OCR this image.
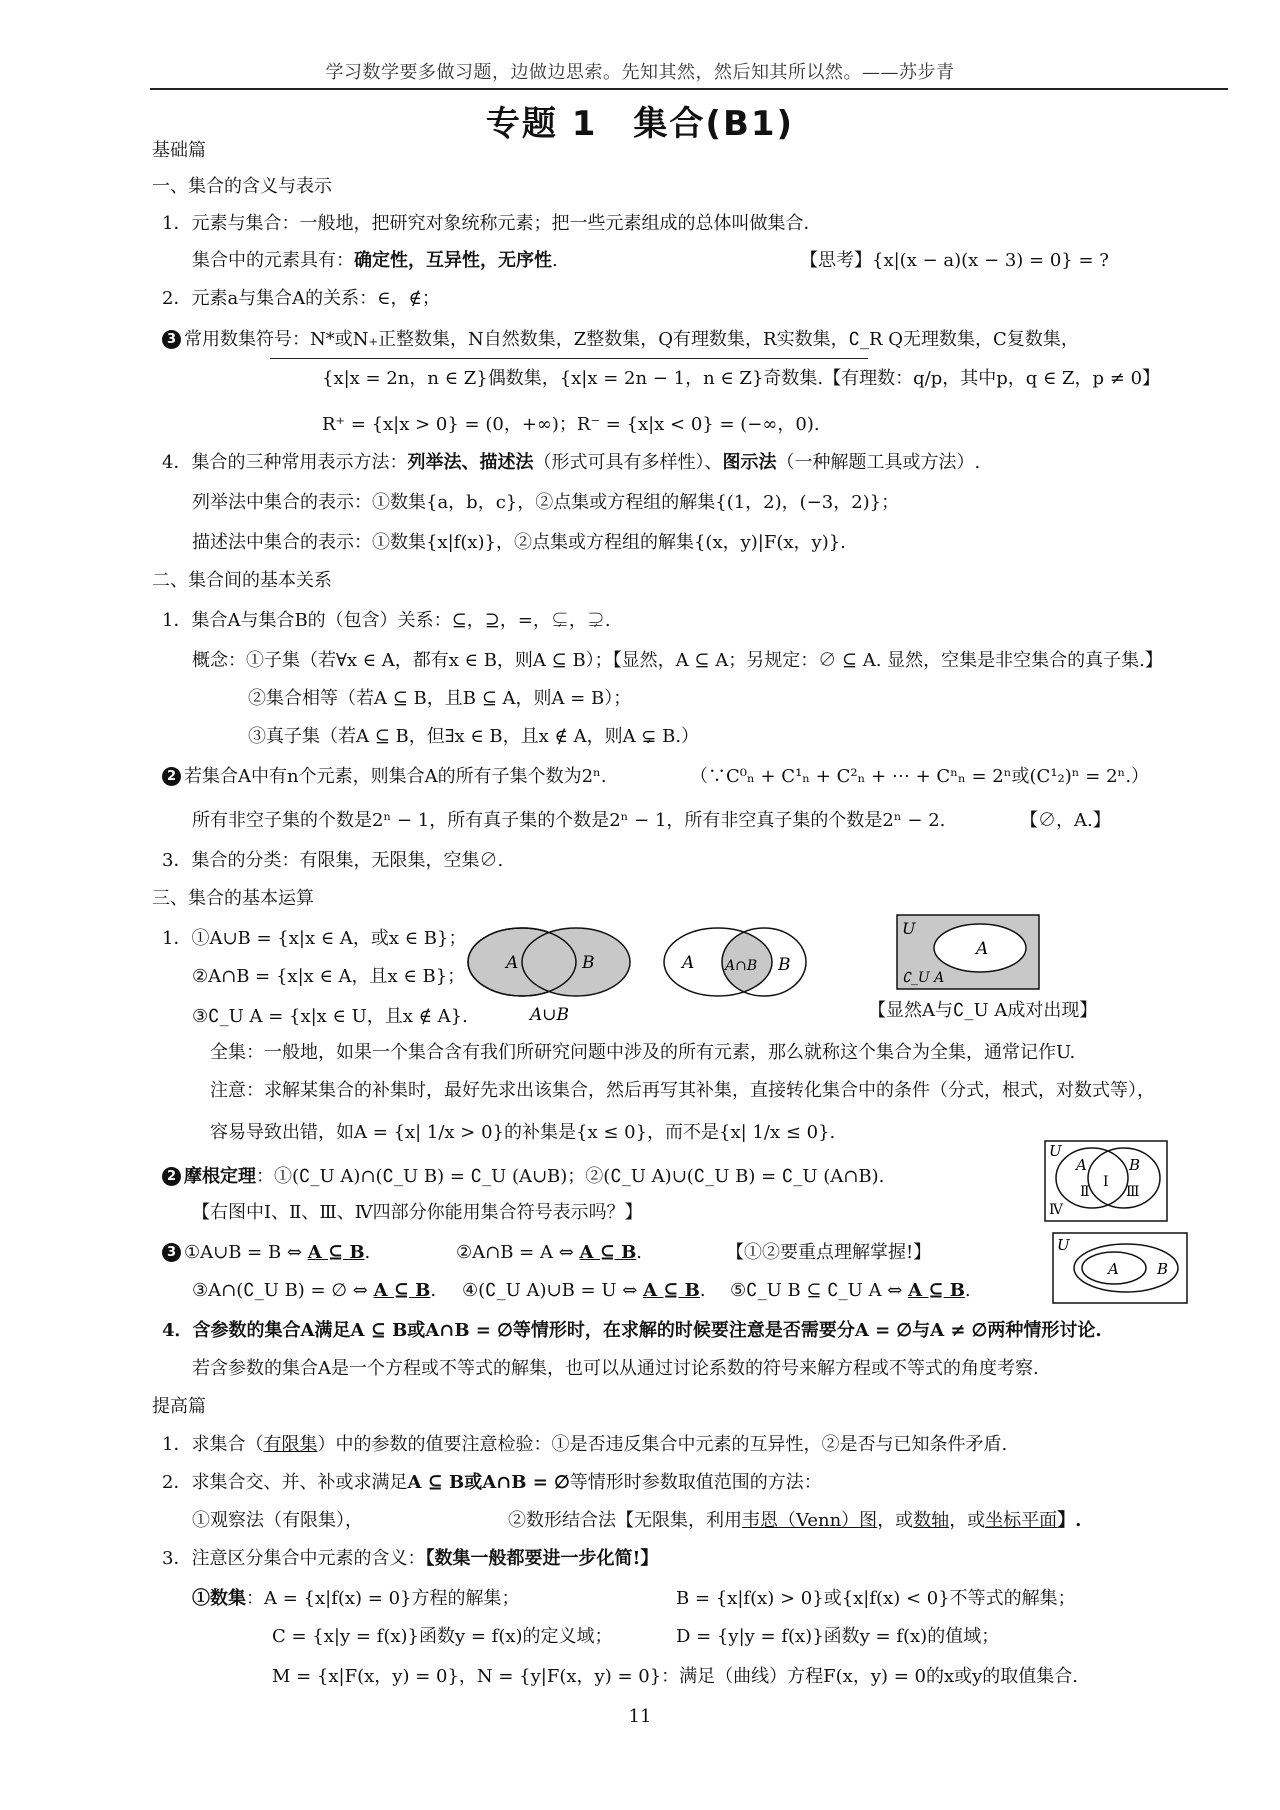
学习数学要多做习题，边做边思索。先知其然，然后知其所以然。——苏步青
专题 1　集合(B1)
基础篇
一、集合的含义与表示
1．元素与集合：一般地，把研究对象统称元素；把一些元素组成的总体叫做集合．
集合中的元素具有：确定性，互异性，无序性.	【思考】{x|(x − a)(x − 3) = 0} = ?
2．元素a与集合A的关系：∈，∉；
3 常用数集符号：N*或N₊正整数集，N自然数集，Z整数集，Q有理数集，R实数集，∁_R Q无理数集，C复数集，
{x|x = 2n，n ∈ Z}偶数集，{x|x = 2n − 1，n ∈ Z}奇数集.【有理数：q/p，其中p，q ∈ Z，p ≠ 0】
R⁺ = {x|x > 0} = (0，+∞)；R⁻ = {x|x < 0} = (−∞，0).
4．集合的三种常用表示方法：列举法、描述法（形式可具有多样性）、图示法（一种解题工具或方法）.
列举法中集合的表示：①数集{a，b，c}，②点集或方程组的解集{(1，2)，(−3，2)}；
描述法中集合的表示：①数集{x|f(x)}，②点集或方程组的解集{(x，y)|F(x，y)}.
二、集合间的基本关系
1．集合A与集合B的（包含）关系：⊆，⊇，=，⊊，⊋.
概念：①子集（若∀x ∈ A，都有x ∈ B，则A ⊆ B）；【显然，A ⊆ A；另规定：∅ ⊆ A. 显然，空集是非空集合的真子集.】
②集合相等（若A ⊆ B，且B ⊆ A，则A = B）；
③真子集（若A ⊆ B，但∃x ∈ B，且x ∉ A，则A ⊊ B.）
2 若集合A中有n个元素，则集合A的所有子集个数为2ⁿ.	（∵C⁰ₙ + C¹ₙ + C²ₙ + ⋯ + Cⁿₙ = 2ⁿ或(C¹₂)ⁿ = 2ⁿ.）
所有非空子集的个数是2ⁿ − 1，所有真子集的个数是2ⁿ − 1，所有非空真子集的个数是2ⁿ − 2.	【∅，A.】
3．集合的分类：有限集，无限集，空集∅.
三、集合的基本运算
1．①A∪B = {x|x ∈ A，或x ∈ B}；
②A∩B = {x|x ∈ A，且x ∈ B}；
③∁_U A = {x|x ∈ U，且x ∉ A}.
A	B
A∪B
A A∩B B
U
A
∁_U A
【显然A与∁_U A成对出现】
全集：一般地，如果一个集合含有我们所研究问题中涉及的所有元素，那么就称这个集合为全集，通常记作U.
注意：求解某集合的补集时，最好先求出该集合，然后再写其补集，直接转化集合中的条件（分式，根式，对数式等），
容易导致出错，如A = {x| 1/x > 0}的补集是{x ≤ 0}，而不是{x| 1/x ≤ 0}.
2 摩根定理：①(∁_U A)∩(∁_U B) = ∁_U (A∪B)；②(∁_U A)∪(∁_U B) = ∁_U (A∩B).
【右图中Ⅰ、Ⅱ、Ⅲ、Ⅳ四部分你能用集合符号表示吗？】
U
A	B
Ⅰ
Ⅱ	Ⅲ
Ⅳ
3 ①A∪B = B ⇔ A ⊆ B.	②A∩B = A ⇔ A ⊆ B.	【①②要重点理解掌握!】
③A∩(∁_U B) = ∅ ⇔ A ⊆ B. ④(∁_U A)∪B = U ⇔ A ⊆ B. ⑤∁_U B ⊆ ∁_U A ⇔ A ⊆ B.
U
A	B
4．含参数的集合A满足A ⊆ B或A∩B = ∅等情形时，在求解的时候要注意是否需要分A = ∅与A ≠ ∅两种情形讨论.
若含参数的集合A是一个方程或不等式的解集，也可以从通过讨论系数的符号来解方程或不等式的角度考察.
提高篇
1．求集合（有限集）中的参数的值要注意检验：①是否违反集合中元素的互异性，②是否与已知条件矛盾.
2．求集合交、并、补或求满足A ⊆ B或A∩B = ∅等情形时参数取值范围的方法：
①观察法（有限集），	②数形结合法【无限集，利用韦恩（Venn）图，或数轴，或坐标平面】.
3．注意区分集合中元素的含义：【数集一般都要进一步化简!】
①数集：A = {x|f(x) = 0}方程的解集；	B = {x|f(x) > 0}或{x|f(x) < 0}不等式的解集；
C = {x|y = f(x)}函数y = f(x)的定义域；	D = {y|y = f(x)}函数y = f(x)的值域；
M = {x|F(x，y) = 0}，N = {y|F(x，y) = 0}：满足（曲线）方程F(x，y) = 0的x或y的取值集合.
11
